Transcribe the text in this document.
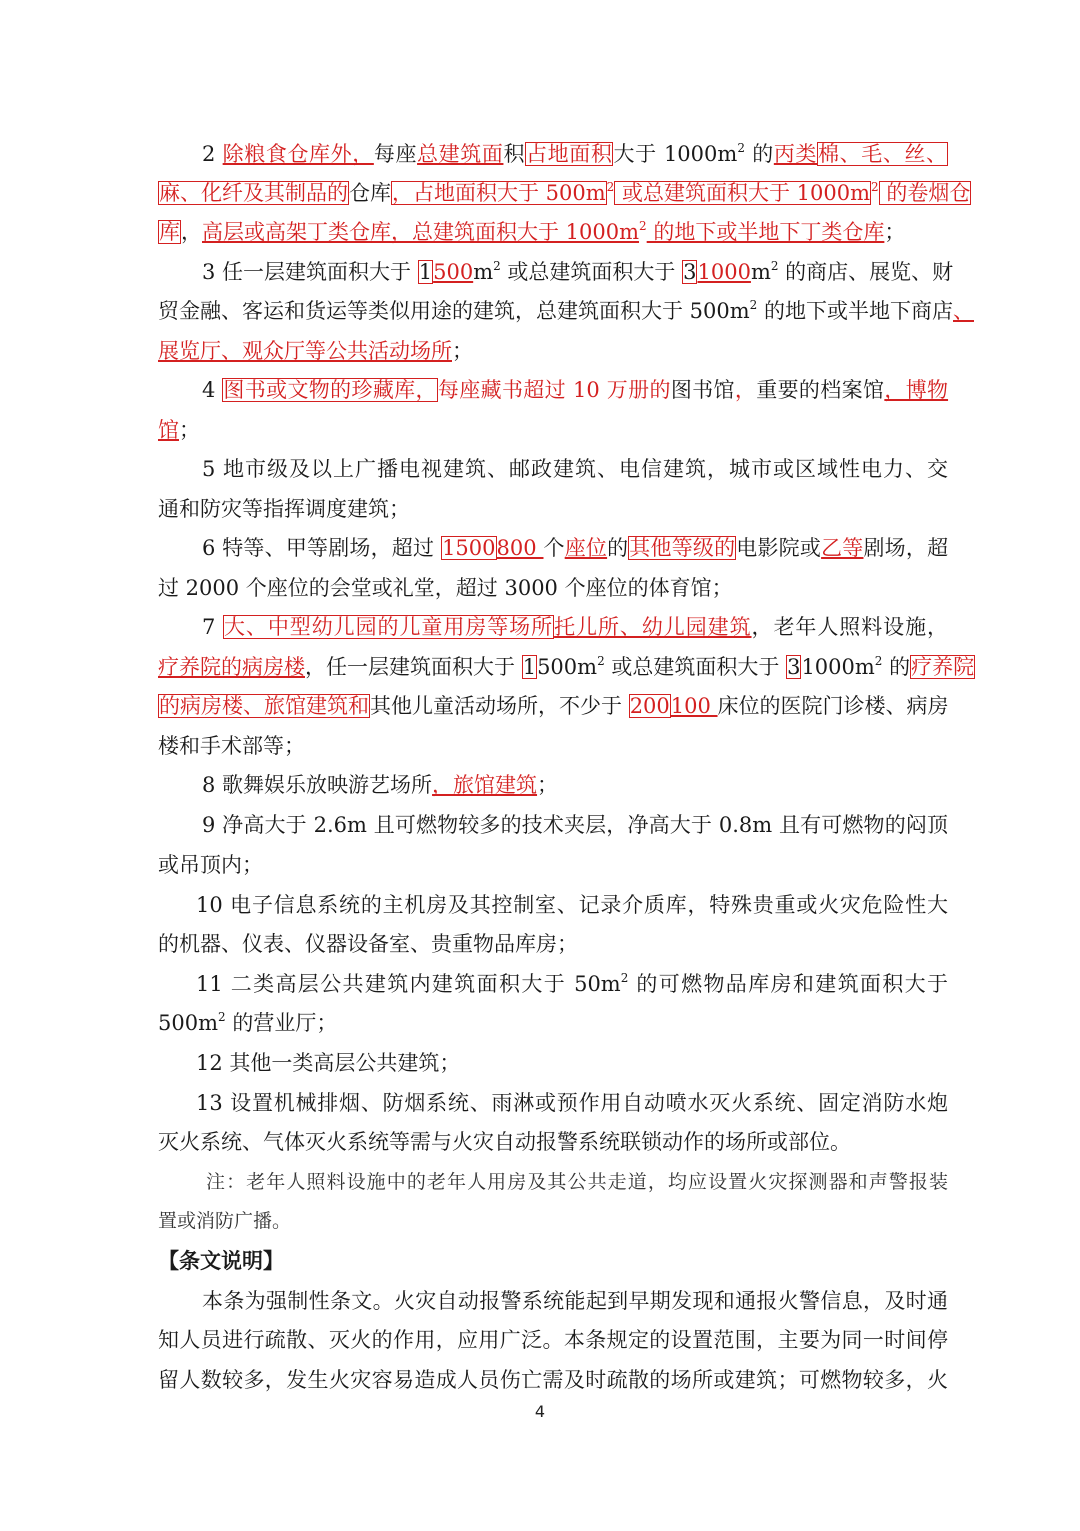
2 除粮食仓库外，每座总建筑面积占地面积大于 $1000m^2$ 的丙类棉、毛、丝、
麻、化纤及其制品的仓库，占地面积大于 $500m^2$ 或总建筑面积大于 $1000m^2$ 的卷烟仓
库，高层或高架丁类仓库，总建筑面积大于 $1000m^2$ 的地下或半地下丁类仓库；
3 任一层建筑面积大于 $1500m^2$ 或总建筑面积大于 $31000m^2$ 的商店、展览、财
贸金融、客运和货运等类似用途的建筑，总建筑面积大于 $500m^2$ 的地下或半地下商店、
展览厅、观众厅等公共活动场所；
4 图书或文物的珍藏库，每座藏书超过 10 万册的图书馆，重要的档案馆，博物
馆；
5 地市级及以上广播电视建筑、邮政建筑、电信建筑，城市或区域性电力、交
通和防灾等指挥调度建筑；
6 特等、甲等剧场，超过 1500800 个座位的其他等级的电影院或乙等剧场，超
过 2000 个座位的会堂或礼堂，超过 3000 个座位的体育馆；
7 大、中型幼儿园的儿童用房等场所托儿所、幼儿园建筑，老年人照料设施，
疗养院的病房楼，任一层建筑面积大于 $1500m^2$ 或总建筑面积大于 $31000m^2$ 的疗养院
的病房楼、旅馆建筑和其他儿童活动场所，不少于 200100 床位的医院门诊楼、病房
楼和手术部等；
8 歌舞娱乐放映游艺场所，旅馆建筑；
9 净高大于 2.6m 且可燃物较多的技术夹层，净高大于 0.8m 且有可燃物的闷顶
或吊顶内；
10 电子信息系统的主机房及其控制室、记录介质库，特殊贵重或火灾危险性大
的机器、仪表、仪器设备室、贵重物品库房；
11 二类高层公共建筑内建筑面积大于 $50m^2$ 的可燃物品库房和建筑面积大于
$500m^2$ 的营业厅；
12 其他一类高层公共建筑；
13 设置机械排烟、防烟系统、雨淋或预作用自动喷水灭火系统、固定消防水炮
灭火系统、气体灭火系统等需与火灾自动报警系统联锁动作的场所或部位。
注：老年人照料设施中的老年人用房及其公共走道，均应设置火灾探测器和声警报装
置或消防广播。
【条文说明】
本条为强制性条文。火灾自动报警系统能起到早期发现和通报火警信息，及时通
知人员进行疏散、灭火的作用，应用广泛。本条规定的设置范围，主要为同一时间停
留人数较多，发生火灾容易造成人员伤亡需及时疏散的场所或建筑；可燃物较多，火
4
